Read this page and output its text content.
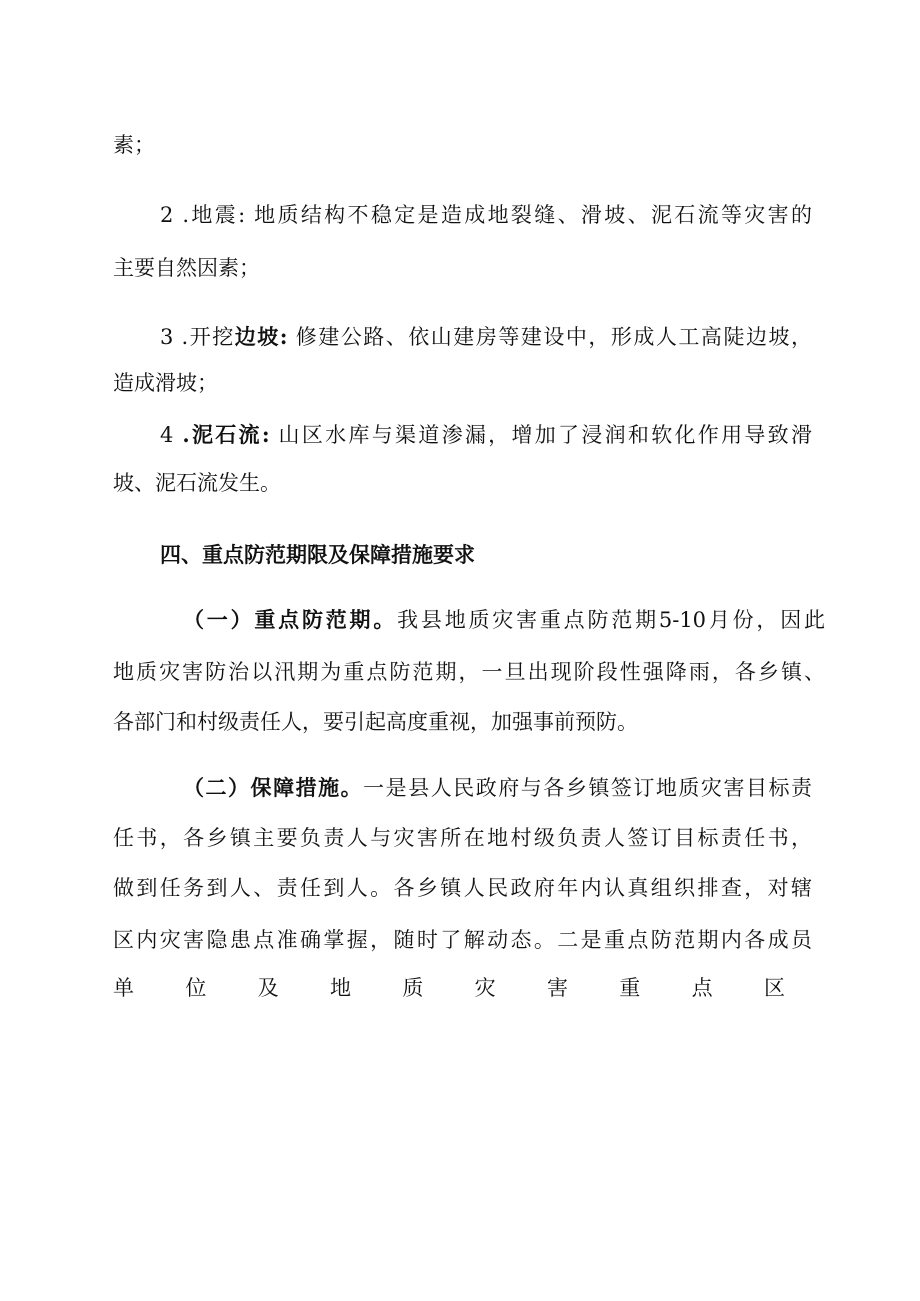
素；
2 .地震: 地质结构不稳定是造成地裂缝、滑坡、泥石流等灾害的
主要自然因素；
3 .开挖边坡: 修建公路、依山建房等建设中，形成人工高陡边坡，
造成滑坡；
4 .泥石流: 山区水库与渠道渗漏，增加了浸润和软化作用导致滑
坡、泥石流发生。
四、重点防范期限及保障措施要求
（一）重点防范期。我县地质灾害重点防范期5-10月份，因此
地质灾害防治以汛期为重点防范期，一旦出现阶段性强降雨，各乡镇、
各部门和村级责任人，要引起高度重视，加强事前预防。
（二）保障措施。一是县人民政府与各乡镇签订地质灾害目标责
任书，各乡镇主要负责人与灾害所在地村级负责人签订目标责任书，
做到任务到人、责任到人。各乡镇人民政府年内认真组织排查，对辖
区内灾害隐患点准确掌握，随时了解动态。二是重点防范期内各成员
单 位 及 地 质 灾 害 重 点 区
